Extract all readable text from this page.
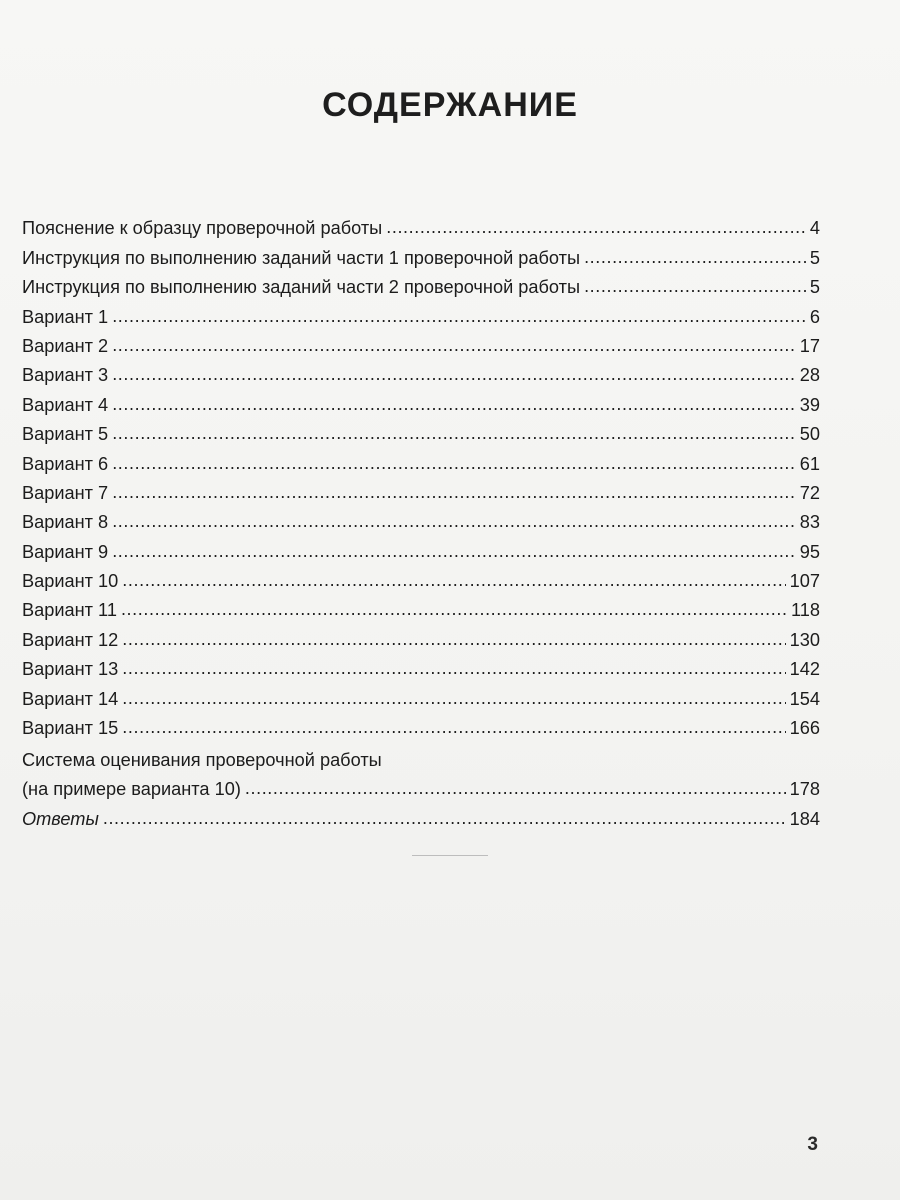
СОДЕРЖАНИЕ
Пояснение к образцу проверочной работы . . .	4
Инструкция по выполнению заданий части 1 проверочной работы . . .	5
Инструкция по выполнению заданий части 2 проверочной работы . . .	5
Вариант 1 . . .	6
Вариант 2 . . .	17
Вариант 3 . . .	28
Вариант 4 . . .	39
Вариант 5 . . .	50
Вариант 6 . . .	61
Вариант 7 . . .	72
Вариант 8 . . .	83
Вариант 9 . . .	95
Вариант 10 . . .	107
Вариант 11 . . .	118
Вариант 12 . . .	130
Вариант 13 . . .	142
Вариант 14 . . .	154
Вариант 15 . . .	166
Система оценивания проверочной работы
(на примере варианта 10) . . .	178
Ответы . . .	184
3
